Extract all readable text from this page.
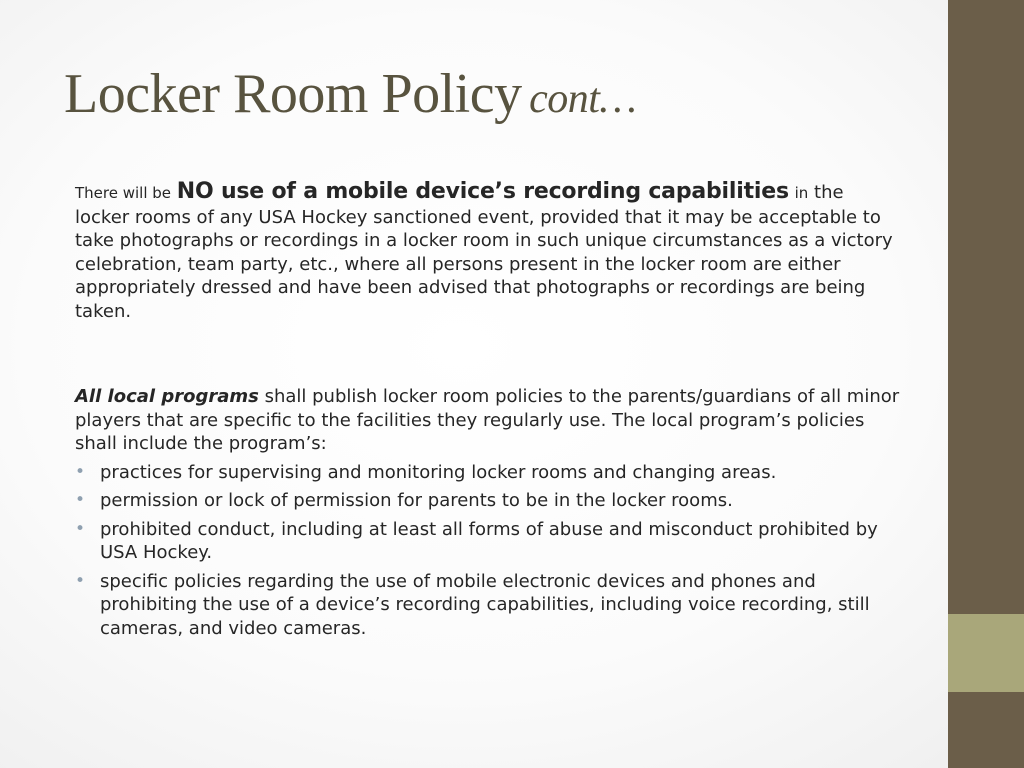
Locker Room Policy cont…
There will be NO use of a mobile device’s recording capabilities in the locker rooms of any USA Hockey sanctioned event, provided that it may be acceptable to take photographs or recordings in a locker room in such unique circumstances as a victory celebration, team party, etc., where all persons present in the locker room are either appropriately dressed and have been advised that photographs or recordings are being taken.
All local programs shall publish locker room policies to the parents/guardians of all minor players that are specific to the facilities they regularly use. The local program’s policies shall include the program’s:
• practices for supervising and monitoring locker rooms and changing areas.
• permission or lock of permission for parents to be in the locker rooms.
• prohibited conduct, including at least all forms of abuse and misconduct prohibited by USA Hockey.
• specific policies regarding the use of mobile electronic devices and phones and prohibiting the use of a device’s recording capabilities, including voice recording, still cameras, and video cameras.
